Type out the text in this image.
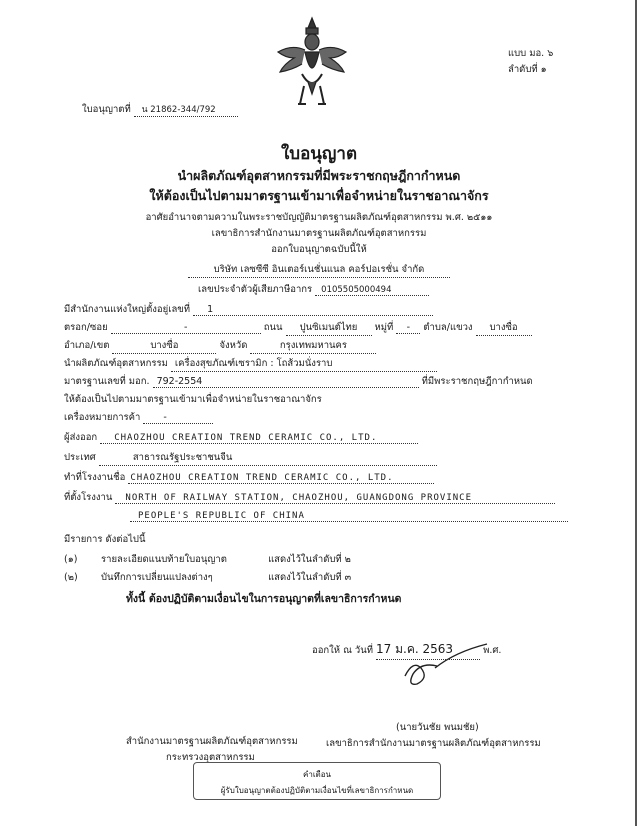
แบบ มอ. ๖
ลำดับที่ ๑
ใบอนุญาตที่ น 21862-344/792
ใบอนุญาต
นำผลิตภัณฑ์อุตสาหกรรมที่มีพระราชกฤษฎีกากำหนด
ให้ต้องเป็นไปตามมาตรฐานเข้ามาเพื่อจำหน่ายในราชอาณาจักร
อาศัยอำนาจตามความในพระราชบัญญัติมาตรฐานผลิตภัณฑ์อุตสาหกรรม พ.ศ. ๒๕๑๑
เลขาธิการสำนักงานมาตรฐานผลิตภัณฑ์อุตสาหกรรม
ออกใบอนุญาตฉบับนี้ให้
บริษัท เลซซีซี อินเตอร์เนชั่นแนล คอร์ปอเรชั่น จำกัด
เลขประจำตัวผู้เสียภาษีอากร 0105505000494
มีสำนักงานแห่งใหญ่ตั้งอยู่เลขที่ 1
ตรอก/ซอย	-	ถนน ปูนซิเมนต์ไทย หมู่ที่ - ตำบล/แขวง บางซื่อ
อำเภอ/เขต	บางซื่อ	จังหวัด	กรุงเทพมหานคร
นำผลิตภัณฑ์อุตสาหกรรม เครื่องสุขภัณฑ์เซรามิก : โถส้วมนั่งราบ
มาตรฐานเลขที่ มอก. 792-2554	ที่มีพระราชกฤษฎีกากำหนด
ให้ต้องเป็นไปตามมาตรฐานเข้ามาเพื่อจำหน่ายในราชอาณาจักร
เครื่องหมายการค้า -
ผู้ส่งออก CHAOZHOU CREATION TREND CERAMIC CO., LTD.
ประเทศ	สาธารณรัฐประชาชนจีน
ทำที่โรงงานชื่อ CHAOZHOU CREATION TREND CERAMIC CO., LTD.
ที่ตั้งโรงงาน NORTH OF RAILWAY STATION, CHAOZHOU, GUANGDONG PROVINCE
PEOPLE'S REPUBLIC OF CHINA
มีรายการ ดังต่อไปนี้
(๑) รายละเอียดแนบท้ายใบอนุญาต	แสดงไว้ในลำดับที่ ๒
(๒) บันทึกการเปลี่ยนแปลงต่างๆ	แสดงไว้ในลำดับที่ ๓
ทั้งนี้ ต้องปฏิบัติตามเงื่อนไขในการอนุญาตที่เลขาธิการกำหนด
ออกให้ ณ วันที่ 17 ม.ค. 2563	พ.ศ.
(นายวันชัย พนมชัย)
เลขาธิการสำนักงานมาตรฐานผลิตภัณฑ์อุตสาหกรรม
สำนักงานมาตรฐานผลิตภัณฑ์อุตสาหกรรม
กระทรวงอุตสาหกรรม
คำเตือน
ผู้รับใบอนุญาตต้องปฏิบัติตามเงื่อนไขที่เลขาธิการกำหนด
